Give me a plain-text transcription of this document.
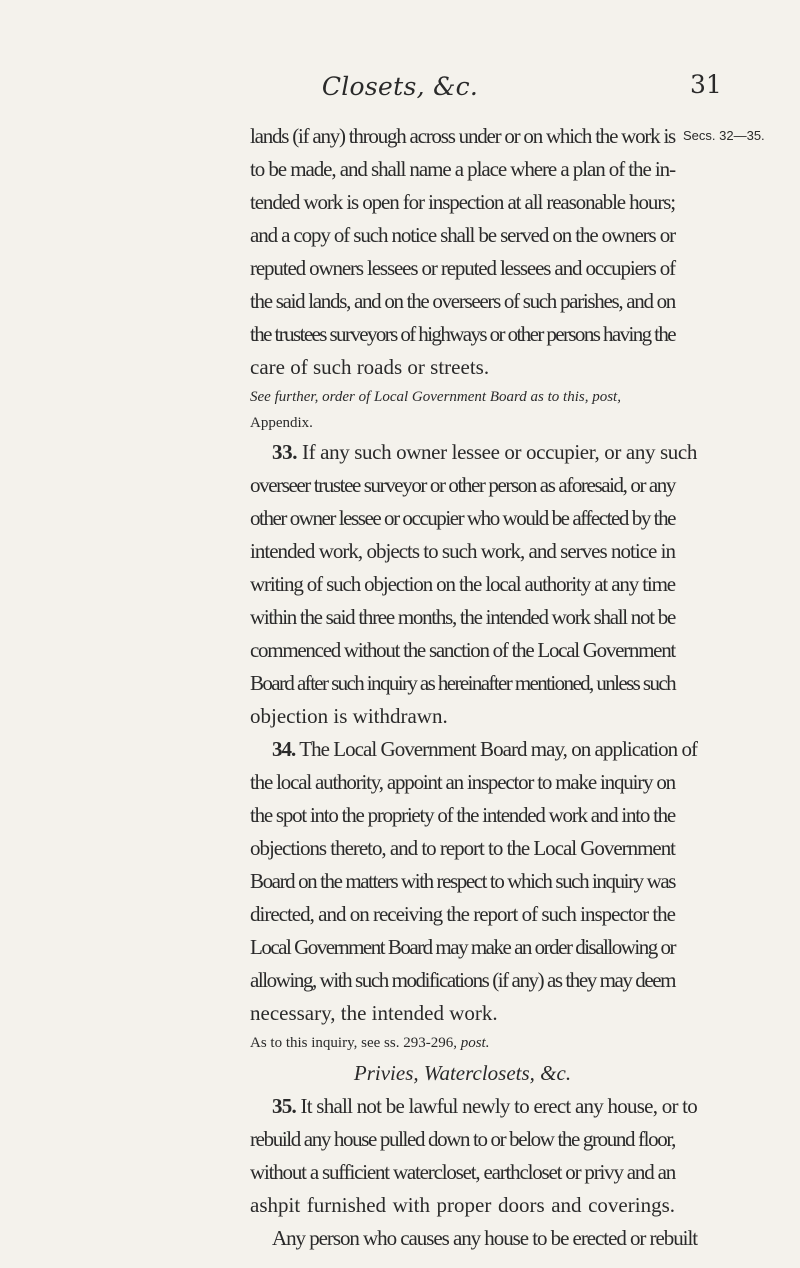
Closets, &c.	31
Secs. 32—35.
lands (if any) through across under or on which the work is
to be made, and shall name a place where a plan of the in-
tended work is open for inspection at all reasonable hours;
and a copy of such notice shall be served on the owners or
reputed owners lessees or reputed lessees and occupiers of
the said lands, and on the overseers of such parishes, and on
the trustees surveyors of highways or other persons having the
care of such roads or streets.
See further, order of Local Government Board as to this, post,
Appendix.
33. If any such owner lessee or occupier, or any such
overseer trustee surveyor or other person as aforesaid, or any
other owner lessee or occupier who would be affected by the
intended work, objects to such work, and serves notice in
writing of such objection on the local authority at any time
within the said three months, the intended work shall not be
commenced without the sanction of the Local Government
Board after such inquiry as hereinafter mentioned, unless such
objection is withdrawn.
34. The Local Government Board may, on application of
the local authority, appoint an inspector to make inquiry on
the spot into the propriety of the intended work and into the
objections thereto, and to report to the Local Government
Board on the matters with respect to which such inquiry was
directed, and on receiving the report of such inspector the
Local Government Board may make an order disallowing or
allowing, with such modifications (if any) as they may deem
necessary, the intended work.
As to this inquiry, see ss. 293-296, post.
Privies, Waterclosets, &c.
35. It shall not be lawful newly to erect any house, or to
rebuild any house pulled down to or below the ground floor,
without a sufficient watercloset, earthcloset or privy and an
ashpit furnished with proper doors and coverings.
Any person who causes any house to be erected or rebuilt
